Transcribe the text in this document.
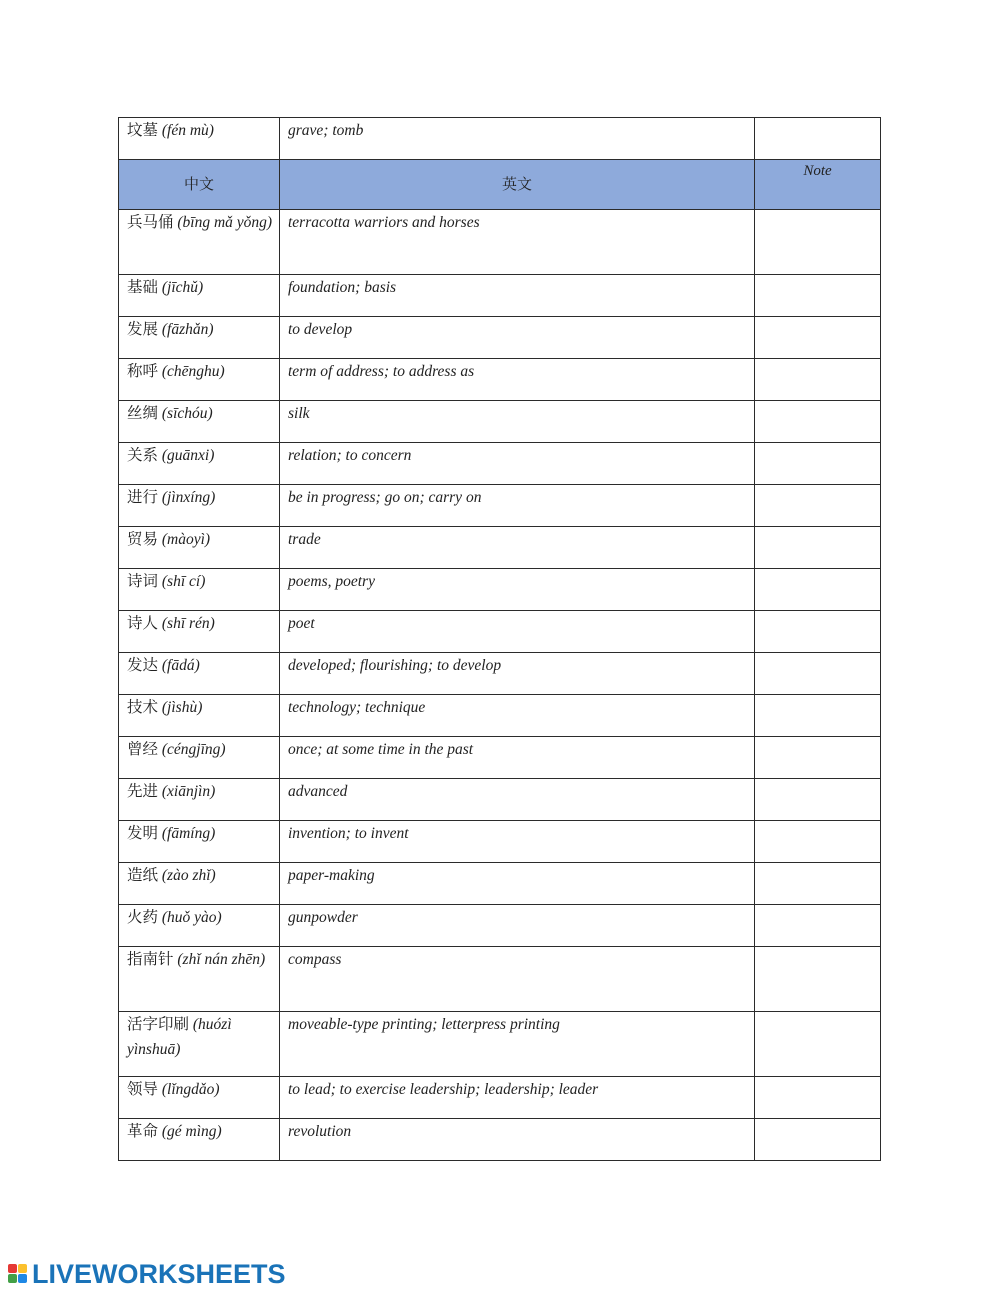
坟墓 (fén mù)	grave; tomb	
中文	英文	Note
兵马俑 (bīng mǎ yǒng)	terracotta warriors and horses	
基础 (jīchǔ)	foundation; basis	
发展 (fāzhǎn)	to develop	
称呼 (chēnghu)	term of address; to address as	
丝绸 (sīchóu)	silk	
关系 (guānxi)	relation; to concern	
进行 (jìnxíng)	be in progress; go on; carry on	
贸易 (màoyì)	trade	
诗词 (shī cí)	poems, poetry	
诗人 (shī rén)	poet	
发达 (fādá)	developed; flourishing; to develop	
技术 (jìshù)	technology; technique	
曾经 (céngjīng)	once; at some time in the past	
先进 (xiānjìn)	advanced	
发明 (fāmíng)	invention; to invent	
造纸 (zào zhǐ)	paper-making	
火药 (huǒ yào)	gunpowder	
指南针 (zhǐ nán zhēn)	compass	
活字印刷 (huózì yìnshuā)	moveable-type printing; letterpress printing	
领导 (lǐngdǎo)	to lead; to exercise leadership; leadership; leader	
革命 (gé mìng)	revolution	
LIVEWORKSHEETS
